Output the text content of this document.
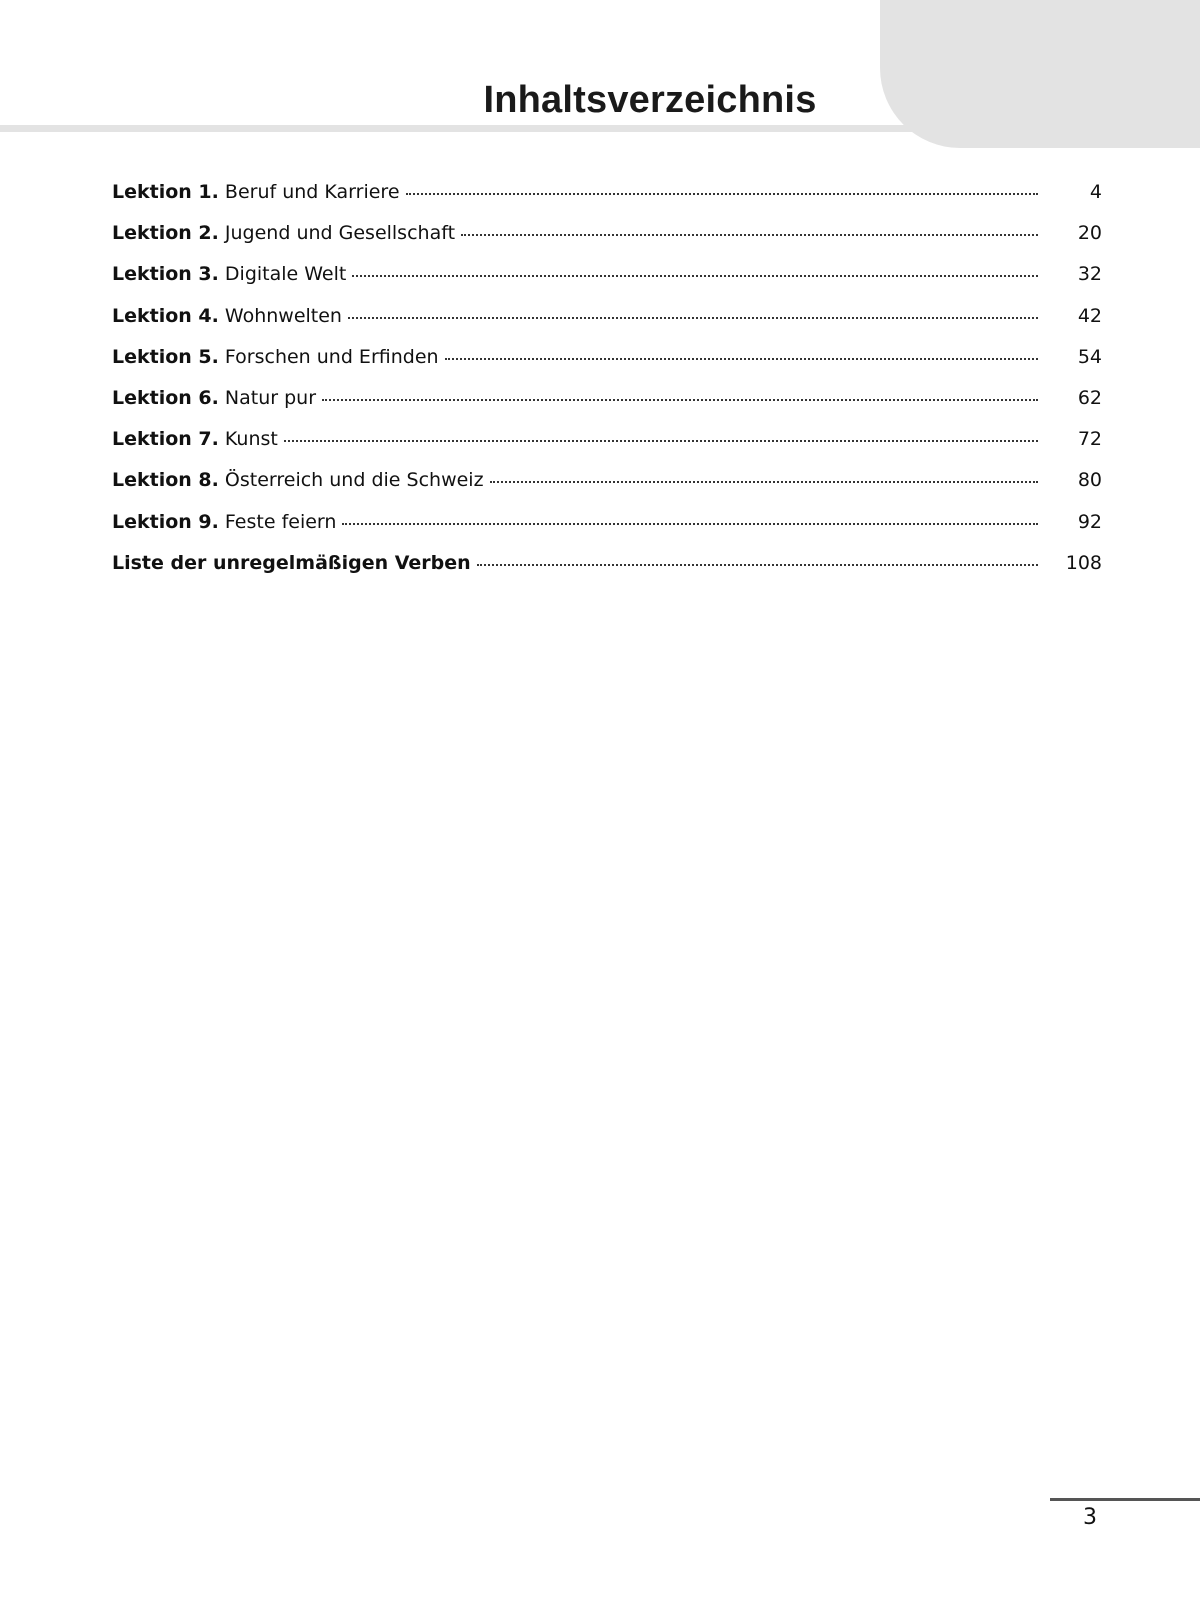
Inhaltsverzeichnis
Lektion 1. Beruf und Karriere	4
Lektion 2. Jugend und Gesellschaft	20
Lektion 3. Digitale Welt	32
Lektion 4. Wohnwelten	42
Lektion 5. Forschen und Erfinden	54
Lektion 6. Natur pur	62
Lektion 7. Kunst	72
Lektion 8. Österreich und die Schweiz	80
Lektion 9. Feste feiern	92
Liste der unregelmäßigen Verben	108
3
